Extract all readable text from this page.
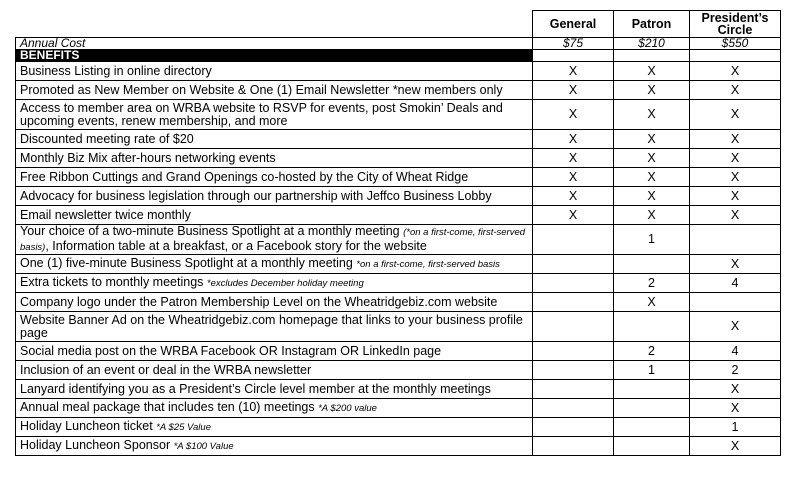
	General	Patron	President’s Circle
Annual Cost	$75	$210	$550
BENEFITS			
Business Listing in online directory	X	X	X
Promoted as New Member on Website & One (1) Email Newsletter *new members only	X	X	X
Access to member area on WRBA website to RSVP for events, post Smokin’ Deals and upcoming events, renew membership, and more	X	X	X
Discounted meeting rate of $20	X	X	X
Monthly Biz Mix after-hours networking events	X	X	X
Free Ribbon Cuttings and Grand Openings co-hosted by the City of Wheat Ridge	X	X	X
Advocacy for business legislation through our partnership with Jeffco Business Lobby	X	X	X
Email newsletter twice monthly	X	X	X
Your choice of a two-minute Business Spotlight at a monthly meeting (*on a first-come, first-served basis), Information table at a breakfast, or a Facebook story for the website		1	
One (1) five-minute Business Spotlight at a monthly meeting *on a first-come, first-served basis			X
Extra tickets to monthly meetings *excludes December holiday meeting		2	4
Company logo under the Patron Membership Level on the Wheatridgebiz.com website		X	
Website Banner Ad on the Wheatridgebiz.com homepage that links to your business profile page			X
Social media post on the WRBA Facebook OR Instagram OR LinkedIn page		2	4
Inclusion of an event or deal in the WRBA newsletter		1	2
Lanyard identifying you as a President’s Circle level member at the monthly meetings			X
Annual meal package that includes ten (10) meetings *A $200 value			X
Holiday Luncheon ticket *A $25 Value			1
Holiday Luncheon Sponsor *A $100 Value			X
